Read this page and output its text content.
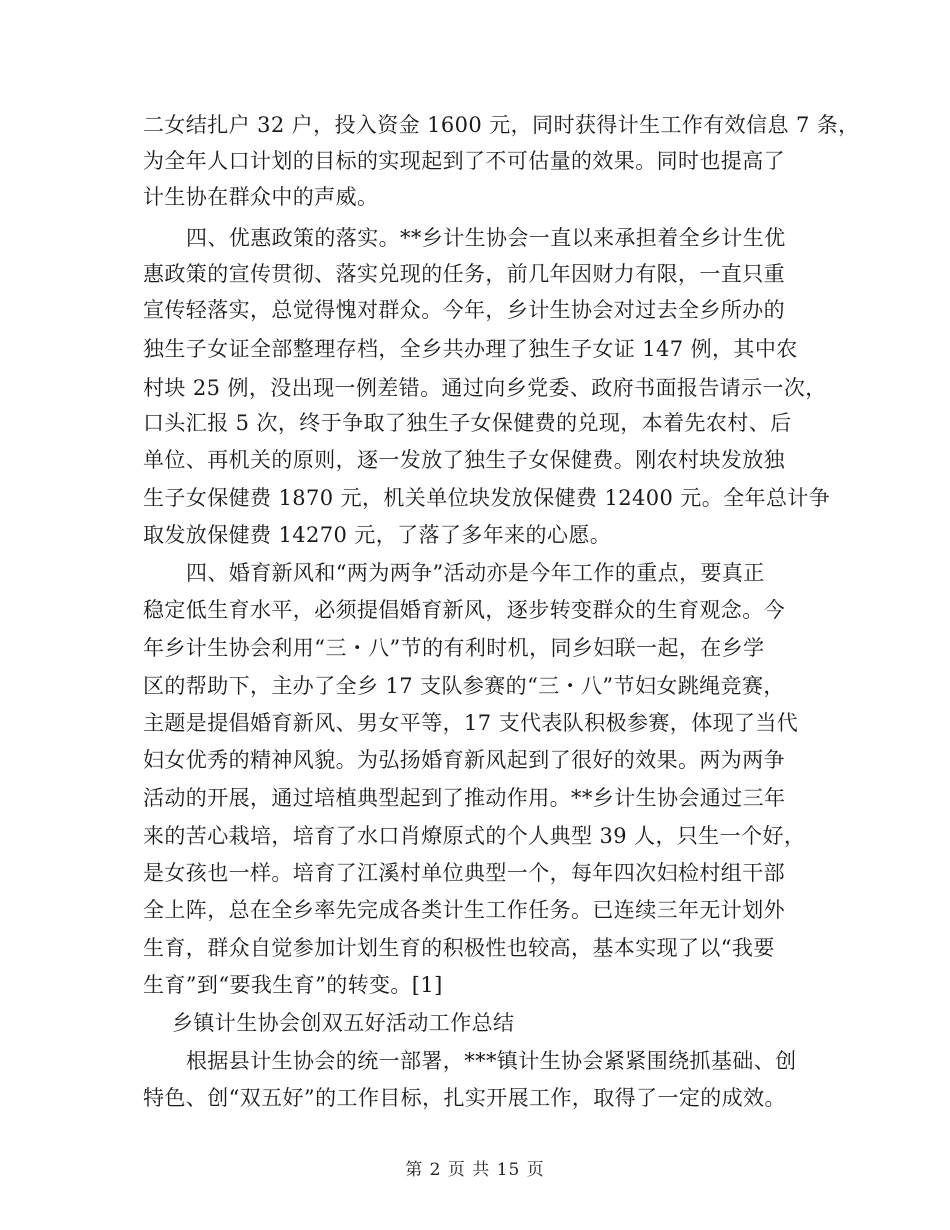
二女结扎户 32 户，投入资金 1600 元，同时获得计生工作有效信息 7 条，
为全年人口计划的目标的实现起到了不可估量的效果。同时也提高了
计生协在群众中的声威。
四、优惠政策的落实。**乡计生协会一直以来承担着全乡计生优
惠政策的宣传贯彻、落实兑现的任务，前几年因财力有限，一直只重
宣传轻落实，总觉得愧对群众。今年，乡计生协会对过去全乡所办的
独生子女证全部整理存档，全乡共办理了独生子女证 147 例，其中农
村块 25 例，没出现一例差错。通过向乡党委、政府书面报告请示一次，
口头汇报 5 次，终于争取了独生子女保健费的兑现，本着先农村、后
单位、再机关的原则，逐一发放了独生子女保健费。刚农村块发放独
生子女保健费 1870 元，机关单位块发放保健费 12400 元。全年总计争
取发放保健费 14270 元，了落了多年来的心愿。
四、婚育新风和“两为两争”活动亦是今年工作的重点，要真正
稳定低生育水平，必须提倡婚育新风，逐步转变群众的生育观念。今
年乡计生协会利用“三・八”节的有利时机，同乡妇联一起，在乡学
区的帮助下，主办了全乡 17 支队参赛的“三・八”节妇女跳绳竞赛，
主题是提倡婚育新风、男女平等，17 支代表队积极参赛，体现了当代
妇女优秀的精神风貌。为弘扬婚育新风起到了很好的效果。两为两争
活动的开展，通过培植典型起到了推动作用。**乡计生协会通过三年
来的苦心栽培，培育了水口肖燎原式的个人典型 39 人，只生一个好，
是女孩也一样。培育了江溪村单位典型一个，每年四次妇检村组干部
全上阵，总在全乡率先完成各类计生工作任务。已连续三年无计划外
生育，群众自觉参加计划生育的积极性也较高，基本实现了以“我要
生育”到“要我生育”的转变。[1]
乡镇计生协会创双五好活动工作总结
根据县计生协会的统一部署，***镇计生协会紧紧围绕抓基础、创
特色、创“双五好”的工作目标，扎实开展工作，取得了一定的成效。
第 2 页 共 15 页
